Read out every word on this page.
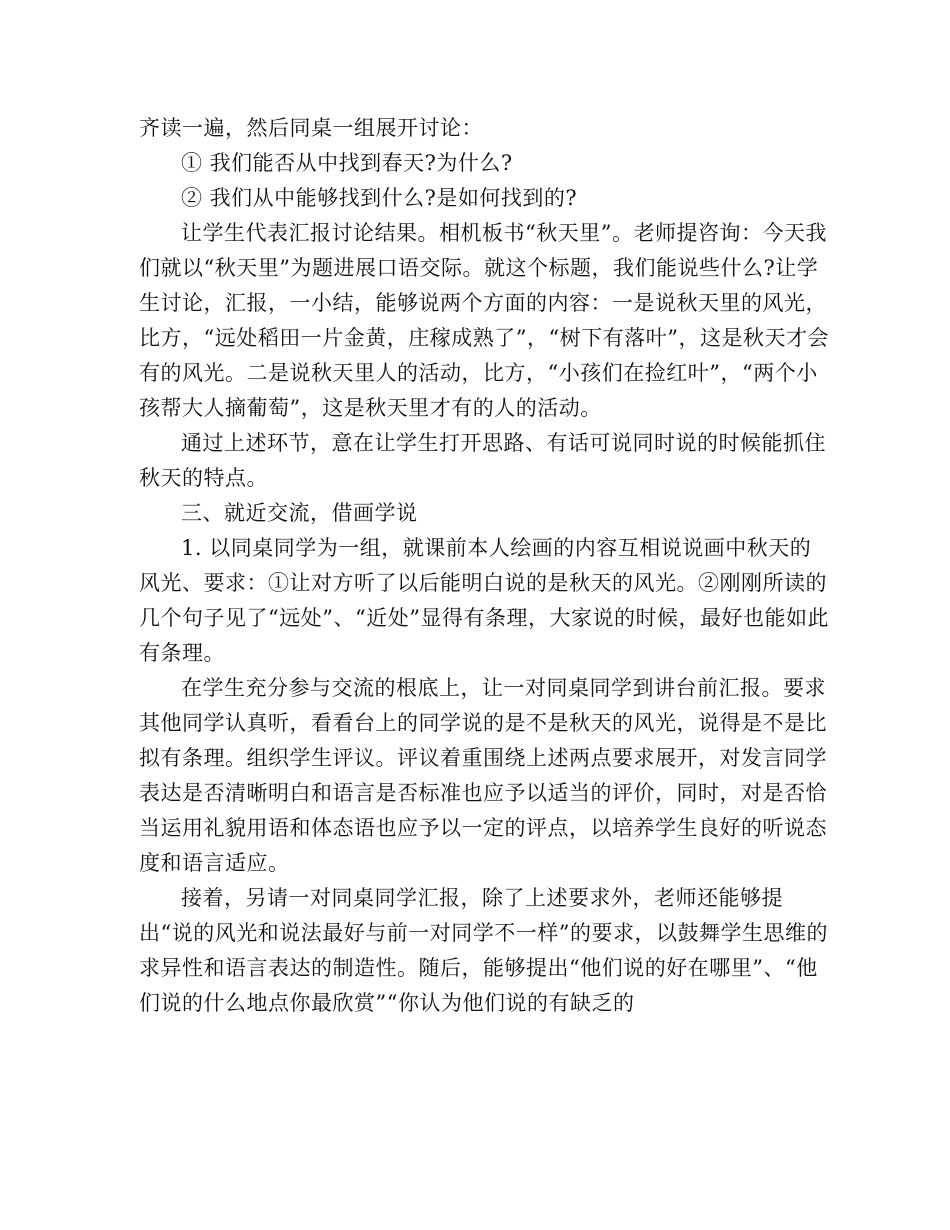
齐读一遍，然后同桌一组展开讨论：

① 我们能否从中找到春天?为什么?

② 我们从中能够找到什么?是如何找到的?

让学生代表汇报讨论结果。相机板书“秋天里”。老师提咨询：今天我们就以“秋天里”为题进展口语交际。就这个标题，我们能说些什么?让学生讨论，汇报，一小结，能够说两个方面的内容：一是说秋天里的风光，比方，“远处稻田一片金黄，庄稼成熟了”，“树下有落叶”，这是秋天才会有的风光。二是说秋天里人的活动，比方，“小孩们在捡红叶”，“两个小孩帮大人摘葡萄”，这是秋天里才有的人的活动。

通过上述环节，意在让学生打开思路、有话可说同时说的时候能抓住秋天的特点。

三、就近交流，借画学说

1. 以同桌同学为一组，就课前本人绘画的内容互相说说画中秋天的风光、要求：①让对方听了以后能明白说的是秋天的风光。②刚刚所读的几个句子见了“远处”、“近处”显得有条理，大家说的时候，最好也能如此有条理。

在学生充分参与交流的根底上，让一对同桌同学到讲台前汇报。要求其他同学认真听，看看台上的同学说的是不是秋天的风光，说得是不是比拟有条理。组织学生评议。评议着重围绕上述两点要求展开，对发言同学表达是否清晰明白和语言是否标准也应予以适当的评价，同时，对是否恰当运用礼貌用语和体态语也应予以一定的评点，以培养学生良好的听说态度和语言适应。

接着，另请一对同桌同学汇报，除了上述要求外，老师还能够提出“说的风光和说法最好与前一对同学不一样”的要求，以鼓舞学生思维的求异性和语言表达的制造性。随后，能够提出“他们说的好在哪里”、“他们说的什么地点你最欣赏”“你认为他们说的有缺乏的
